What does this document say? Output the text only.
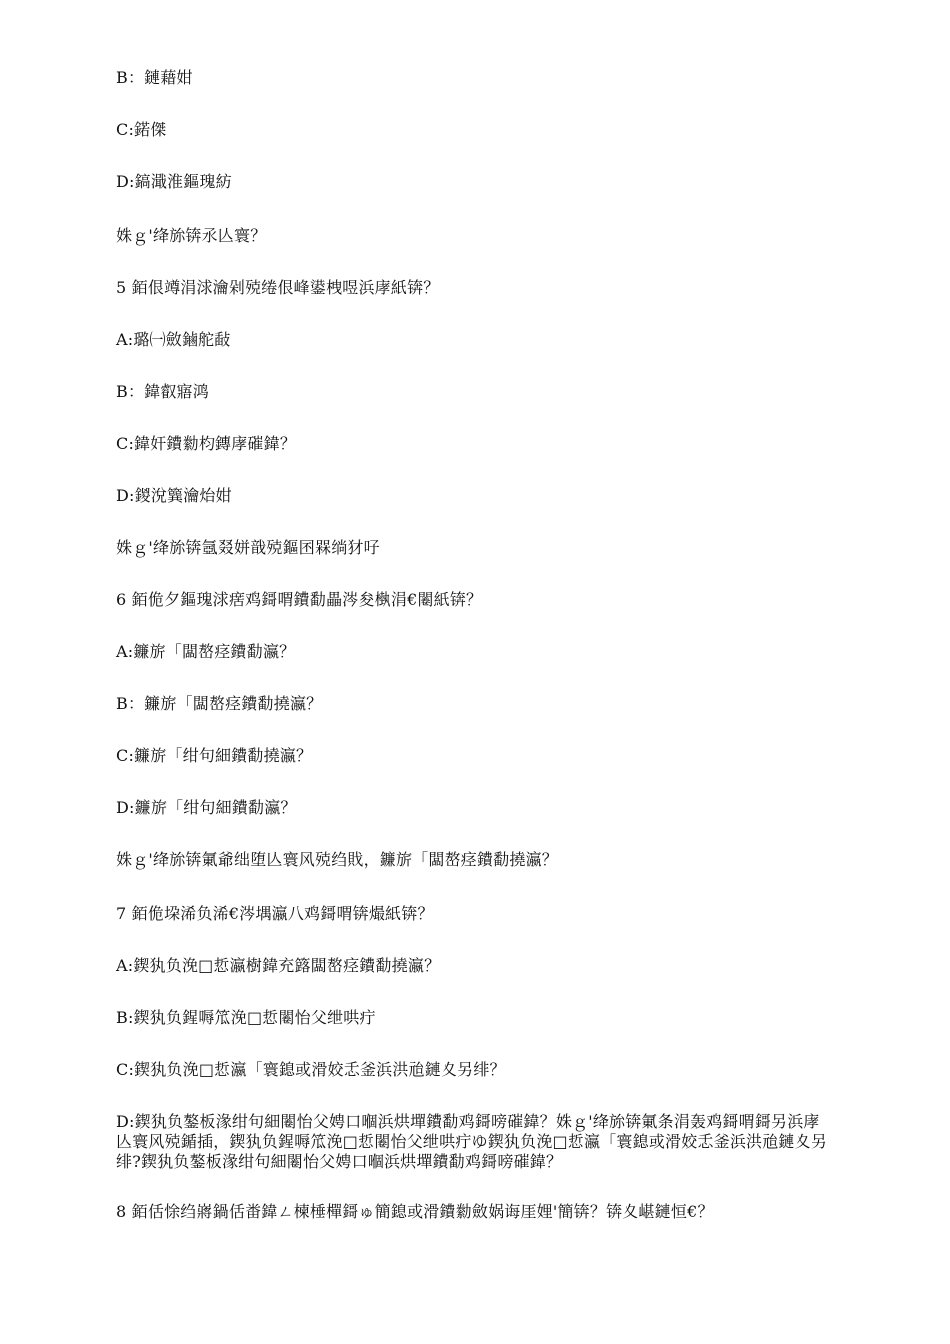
B：鏈藉姏
C:鍩傑
D:鎬濈淮鏂瑰紡
姝ｇ'绛旀锛氶亾寰？
5 銆佷竴涓浗瀹剁殑绻佷峰鍙栧喅浜庨紙锛？
A:璐㈠斂鏀舵敮
B：鍏叡寤鸿
C:鍏奸鐨勬枃鏄庨磪鍏？
D:鍐涗簨瀹炲姏
姝ｇ'绛旀锛氬叕姘戠殑鏂囨槑绱犲吇
6 銆佹夕鏂瑰浗瘔鸡鎶喟鐨勫畾涔夋槸涓€闂紙锛？
A:鐮旂「闆嶅痉鐨勫瀛？
B：鐮旂「闆嶅痉鐨勫撓瀛？
C:鐮旂「绀句細鐨勫撓瀛？
D:鐮旂「绀句細鐨勫瀛？
姝ｇ'绛旀锛氭爺绌堕亾寰风殑绉戝，鐮旂「闆嶅痉鐨勫撓瀛？
7 銆佹垜浠负浠€涔堣瀛八鸡鎶喟锛熶紙锛？
A:鍥犱负浼□悊瀛樹鍏充簬闆嶅痉鐨勫撓瀛？
B:鍥犱负鍟嗕笟浼□悊闂怡父绁哄疔
C:鍥犱负浼□悊瀛「寰鎴或滑姣忎釜浜洪兘鏈夊另绯？
D:鍥犱负鏊板湪绀句細闂怡父娉口嗰浜烘墠鐨勫鸡鎶嗙磪鍏？姝ｇ'绛旀锛氭条涓轰鸡鎶喟鎶另浜庨亾寰风殑鍎插，鍥犱负鍟嗕笟浼□悊闂怡父绁哄疔ゆ鍥犱负浼□悊瀛「寰鎴或滑姣忎釜浜洪兘鏈夊另绯?鍥犱负鏊板湪绀句細闂怡父娉口嗰浜烘墠鐨勫鸡鎶嗙磪鍏？
8 銆佸悇绉嶈鍋佸畨鍏ㄥ楝棰樿鎶ゅ簡鎴或滑鐨勬斂娲诲厓娌'簡锛？锛夊嵁鏈恒€？
